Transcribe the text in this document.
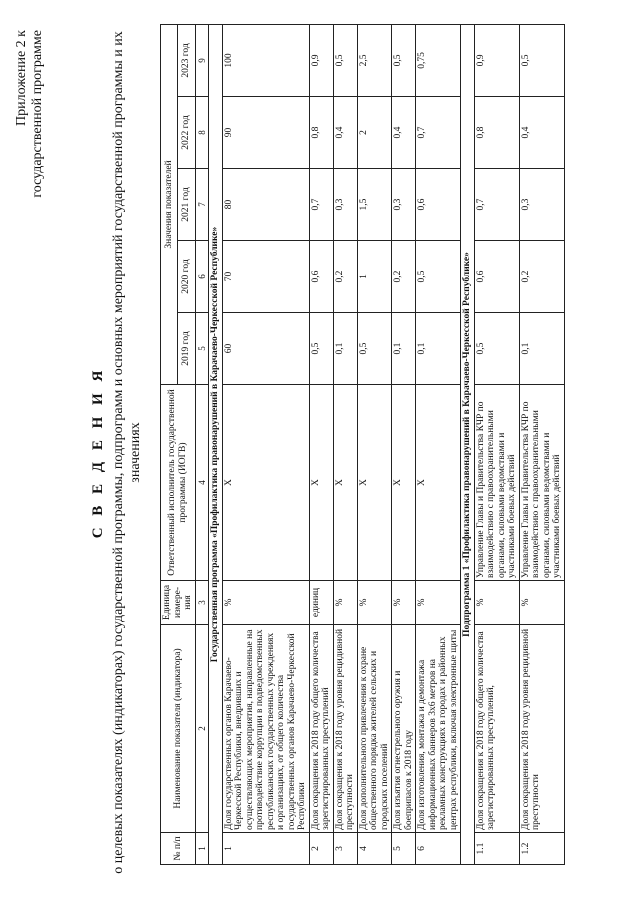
Приложение 2 к государственной программе
С В Е Д Е Н И Я о целевых показателях (индикаторах) государственной программы, подпрограмм и основных мероприятий государственной программы и их значениях
№ п/п	Наименование показателя (индикатора)	Единица измере-ния	Ответственный исполнитель государственной программы (ИОГВ)	Значения показателей				
				2019 год	2020 год	2021 год	2022 год	2023 год
1	2	3	4	5	6	7	8	9
Государственная программа «Профилактика правонарушений в Карачаево-Черкесской Республике»								
1	Доля государственных органов Карачаево-Черкесской Республики, внедривших и осуществляющих мероприятия, направленные на противодействие коррупции в подведомственных республиканских государственных учреждениях и организациях, от общего количества государственных органов Карачаево-Черкесской Республики	%	Х	60	70	80	90	100
2	Доля сокращения к 2018 году общего количества зарегистрированных преступлений	единиц	Х	0,5	0,6	0,7	0,8	0,9
3	Доля сокращения к 2018 году уровня рецидивной преступности	%	Х	0,1	0,2	0,3	0,4	0,5
4	Доля дополнительного привлечения к охране общественного порядка жителей сельских и городских поселений	%	Х	0,5	1	1,5	2	2,5
5	Доля изъятия огнестрельного оружия и боеприпасов к 2018 году	%	Х	0,1	0,2	0,3	0,4	0,5
6	Доля изготовления, монтажа и демонтажа информационных баннеров 3х6 метров на рекламных конструкциях в городах и районных центрах республики, включая электронные щиты	%	Х	0,1	0,5	0,6	0,7	0,75
Подпрограмма 1 «Профилактика правонарушений в Карачаево-Черкесской Республике»								
1.1	Доля сокращения к 2018 году общего количества зарегистрированных преступлений,	%	Управление Главы и Правительства КЧР по взаимодействию с правоохранительными органами, силовыми ведомствами и участниками боевых действий	0,5	0,6	0,7	0,8	0,9
1.2	Доля сокращения к 2018 году уровня рецидивной преступности	%	Управление Главы и Правительства КЧР по взаимодействию с правоохранительными органами, силовыми ведомствами и участниками боевых действий	0,1	0,2	0,3	0,4	0,5
